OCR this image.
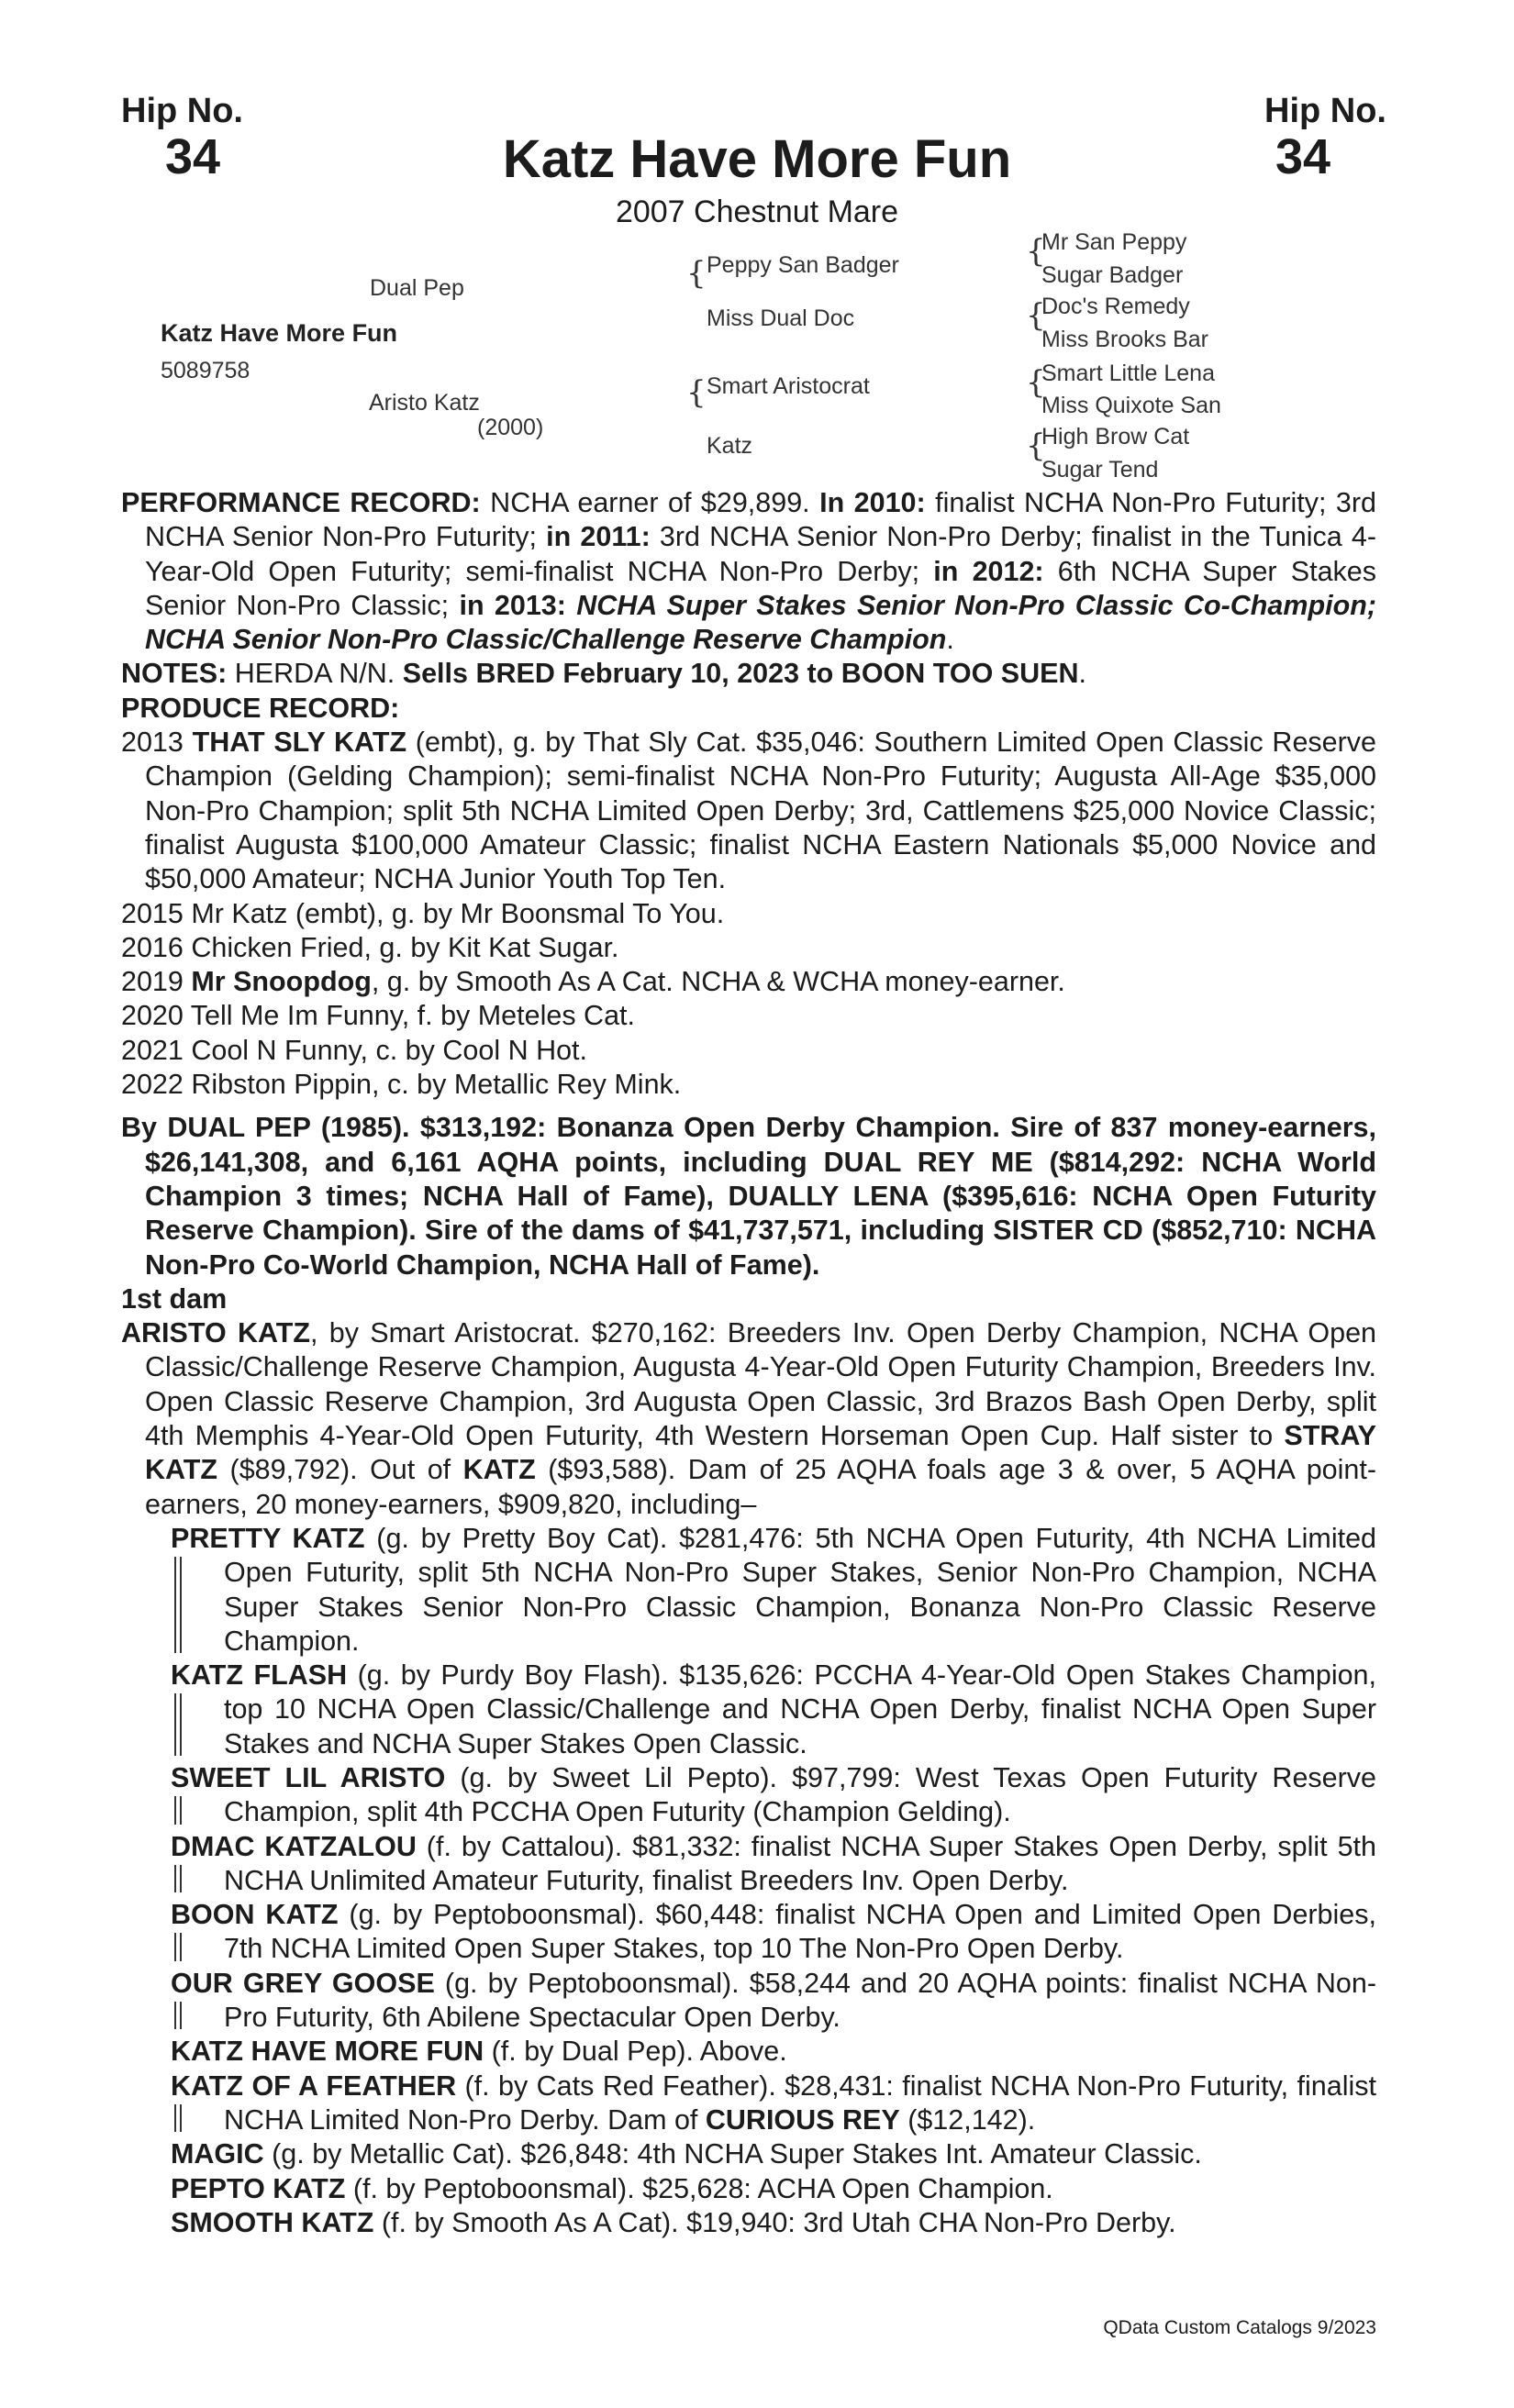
Hip No.
34
Hip No.
34
Katz Have More Fun
2007 Chestnut Mare
Katz Have More Fun
5089758
Dual Pep
Aristo Katz
(2000)
{ Peppy San Badger
Miss Dual Doc
{ Smart Aristocrat
Katz
{
Mr San Peppy
Sugar Badger
{
Doc's Remedy
Miss Brooks Bar
{
Smart Little Lena
Miss Quixote San
{
High Brow Cat
Sugar Tend

PERFORMANCE RECORD: NCHA earner of $29,899. In 2010: finalist NCHA Non-Pro Futurity; 3rd NCHA Senior Non-Pro Futurity; in 2011: 3rd NCHA Senior Non-Pro Derby; finalist in the Tunica 4-Year-Old Open Futurity; semi-finalist NCHA Non-Pro Derby; in 2012: 6th NCHA Super Stakes Senior Non-Pro Classic; in 2013: NCHA Super Stakes Senior Non-Pro Classic Co-Champion; NCHA Senior Non-Pro Classic/Challenge Reserve Champion.

NOTES: HERDA N/N. Sells BRED February 10, 2023 to BOON TOO SUEN.

PRODUCE RECORD:

2013 THAT SLY KATZ (embt), g. by That Sly Cat. $35,046: Southern Limited Open Classic Reserve Champion (Gelding Champion); semi-finalist NCHA Non-Pro Futurity; Augusta All-Age $35,000 Non-Pro Champion; split 5th NCHA Limited Open Derby; 3rd, Cattlemens $25,000 Novice Classic; finalist Augusta $100,000 Amateur Classic; finalist NCHA Eastern Nationals $5,000 Novice and $50,000 Amateur; NCHA Junior Youth Top Ten.

2015 Mr Katz (embt), g. by Mr Boonsmal To You.

2016 Chicken Fried, g. by Kit Kat Sugar.

2019 Mr Snoopdog, g. by Smooth As A Cat. NCHA & WCHA money-earner.

2020 Tell Me Im Funny, f. by Meteles Cat.

2021 Cool N Funny, c. by Cool N Hot.

2022 Ribston Pippin, c. by Metallic Rey Mink.

By DUAL PEP (1985). $313,192: Bonanza Open Derby Champion. Sire of 837 money-earners, $26,141,308, and 6,161 AQHA points, including DUAL REY ME ($814,292: NCHA World Champion 3 times; NCHA Hall of Fame), DUALLY LENA ($395,616: NCHA Open Futurity Reserve Champion). Sire of the dams of $41,737,571, including SISTER CD ($852,710: NCHA Non-Pro Co-World Champion, NCHA Hall of Fame).

1st dam

ARISTO KATZ, by Smart Aristocrat. $270,162: Breeders Inv. Open Derby Champion, NCHA Open Classic/Challenge Reserve Champion, Augusta 4-Year-Old Open Futurity Champion, Breeders Inv. Open Classic Reserve Champion, 3rd Augusta Open Classic, 3rd Brazos Bash Open Derby, split 4th Memphis 4-Year-Old Open Futurity, 4th Western Horseman Open Cup. Half sister to STRAY KATZ ($89,792). Out of KATZ ($93,588). Dam of 25 AQHA foals age 3 & over, 5 AQHA point-earners, 20 money-earners, $909,820, including–

PRETTY KATZ (g. by Pretty Boy Cat). $281,476: 5th NCHA Open Futurity, 4th NCHA Limited Open Futurity, split 5th NCHA Non-Pro Super Stakes, Senior Non-Pro Champion, NCHA Super Stakes Senior Non-Pro Classic Champion, Bonanza Non-Pro Classic Reserve Champion.

KATZ FLASH (g. by Purdy Boy Flash). $135,626: PCCHA 4-Year-Old Open Stakes Champion, top 10 NCHA Open Classic/Challenge and NCHA Open Derby, finalist NCHA Open Super Stakes and NCHA Super Stakes Open Classic.

SWEET LIL ARISTO (g. by Sweet Lil Pepto). $97,799: West Texas Open Futurity Reserve Champion, split 4th PCCHA Open Futurity (Champion Gelding).

DMAC KATZALOU (f. by Cattalou). $81,332: finalist NCHA Super Stakes Open Derby, split 5th NCHA Unlimited Amateur Futurity, finalist Breeders Inv. Open Derby.

BOON KATZ (g. by Peptoboonsmal). $60,448: finalist NCHA Open and Limited Open Derbies, 7th NCHA Limited Open Super Stakes, top 10 The Non-Pro Open Derby.

OUR GREY GOOSE (g. by Peptoboonsmal). $58,244 and 20 AQHA points: finalist NCHA Non-Pro Futurity, 6th Abilene Spectacular Open Derby.

KATZ HAVE MORE FUN (f. by Dual Pep). Above.

KATZ OF A FEATHER (f. by Cats Red Feather). $28,431: finalist NCHA Non-Pro Futurity, finalist NCHA Limited Non-Pro Derby. Dam of CURIOUS REY ($12,142).

MAGIC (g. by Metallic Cat). $26,848: 4th NCHA Super Stakes Int. Amateur Classic.

PEPTO KATZ (f. by Peptoboonsmal). $25,628: ACHA Open Champion.

SMOOTH KATZ (f. by Smooth As A Cat). $19,940: 3rd Utah CHA Non-Pro Derby.

QData Custom Catalogs 9/2023
